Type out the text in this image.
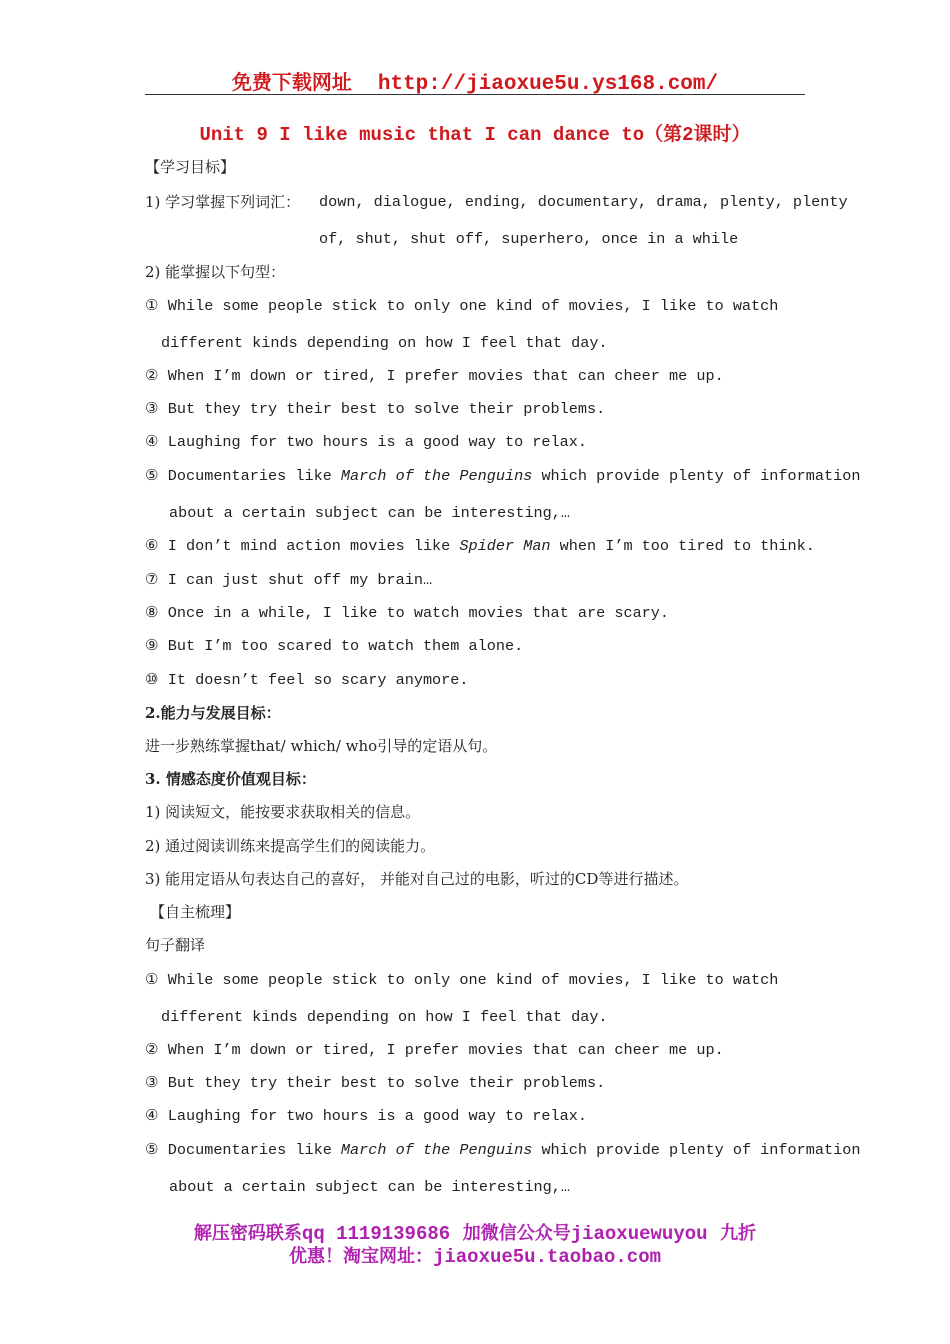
免费下载网址 http://jiaoxue5u.ys168.com/
Unit 9 I like music that I can dance to（第2课时）
【学习目标】
1) 学习掌握下列词汇： down, dialogue, ending, documentary, drama, plenty, plenty
of, shut, shut off, superhero, once in a while
2) 能掌握以下句型：
① While some people stick to only one kind of movies, I like to watch
different kinds depending on how I feel that day.
② When I’m down or tired, I prefer movies that can cheer me up.
③ But they try their best to solve their problems.
④ Laughing for two hours is a good way to relax.
⑤ Documentaries like March of the Penguins which provide plenty of information
about a certain subject can be interesting,…
⑥ I don’t mind action movies like Spider Man when I’m too tired to think.
⑦ I can just shut off my brain…
⑧ Once in a while, I like to watch movies that are scary.
⑨ But I’m too scared to watch them alone.
⑩ It doesn’t feel so scary anymore.
2.能力与发展目标：
进一步熟练掌握that/ which/ who引导的定语从句。
3. 情感态度价值观目标：
1) 阅读短文，能按要求获取相关的信息。
2) 通过阅读训练来提高学生们的阅读能力。
3) 能用定语从句表达自己的喜好， 并能对自己过的电影，听过的CD等进行描述。
【自主梳理】
句子翻译
① While some people stick to only one kind of movies, I like to watch
different kinds depending on how I feel that day.
② When I’m down or tired, I prefer movies that can cheer me up.
③ But they try their best to solve their problems.
④ Laughing for two hours is a good way to relax.
⑤ Documentaries like March of the Penguins which provide plenty of information
about a certain subject can be interesting,…
解压密码联系qq 1119139686 加微信公众号jiaoxuewuyou 九折
优惠！淘宝网址：jiaoxue5u.taobao.com
